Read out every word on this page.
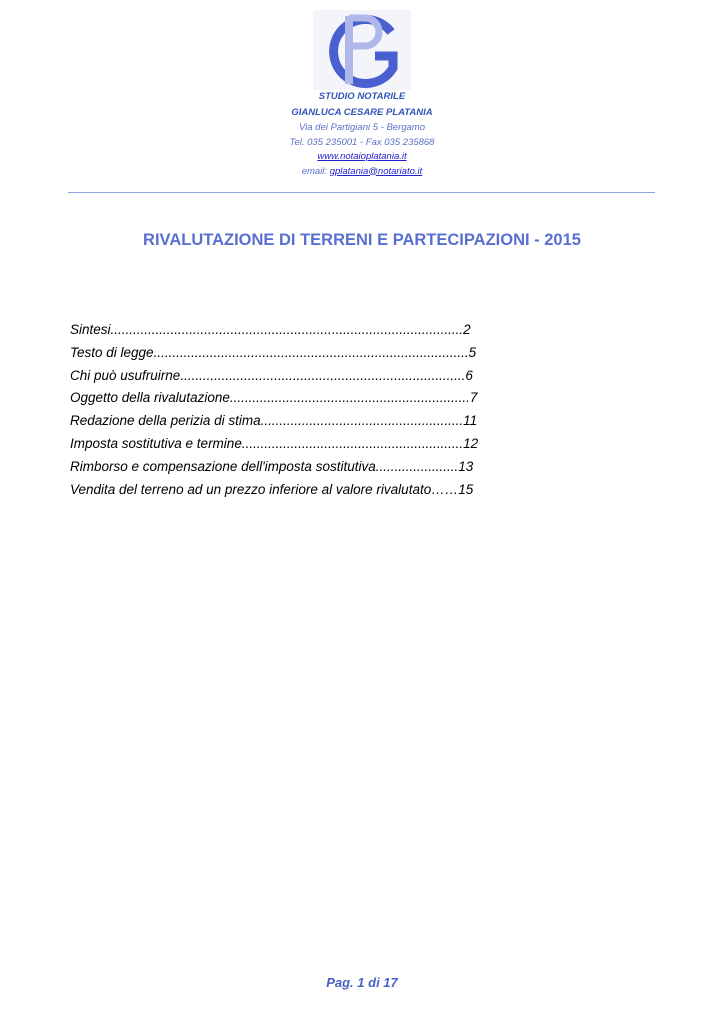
STUDIO NOTARILE
GIANLUCA CESARE PLATANIA
Via dei Partigiani 5 - Bergamo
Tel. 035 235001 - Fax 035 235868
www.notaioplatania.it
email: gplatania@notariato.it
RIVALUTAZIONE DI TERRENI E PARTECIPAZIONI - 2015
Sintesi..............................................................................................2
Testo di legge....................................................................................5
Chi può usufruirne............................................................................6
Oggetto della rivalutazione................................................................7
Redazione della perizia di stima......................................................11
Imposta sostitutiva e termine...........................................................12
Rimborso e compensazione dell'imposta sostitutiva......................13
Vendita del terreno ad un prezzo inferiore al valore rivalutato……15
Pag. 1 di 17
